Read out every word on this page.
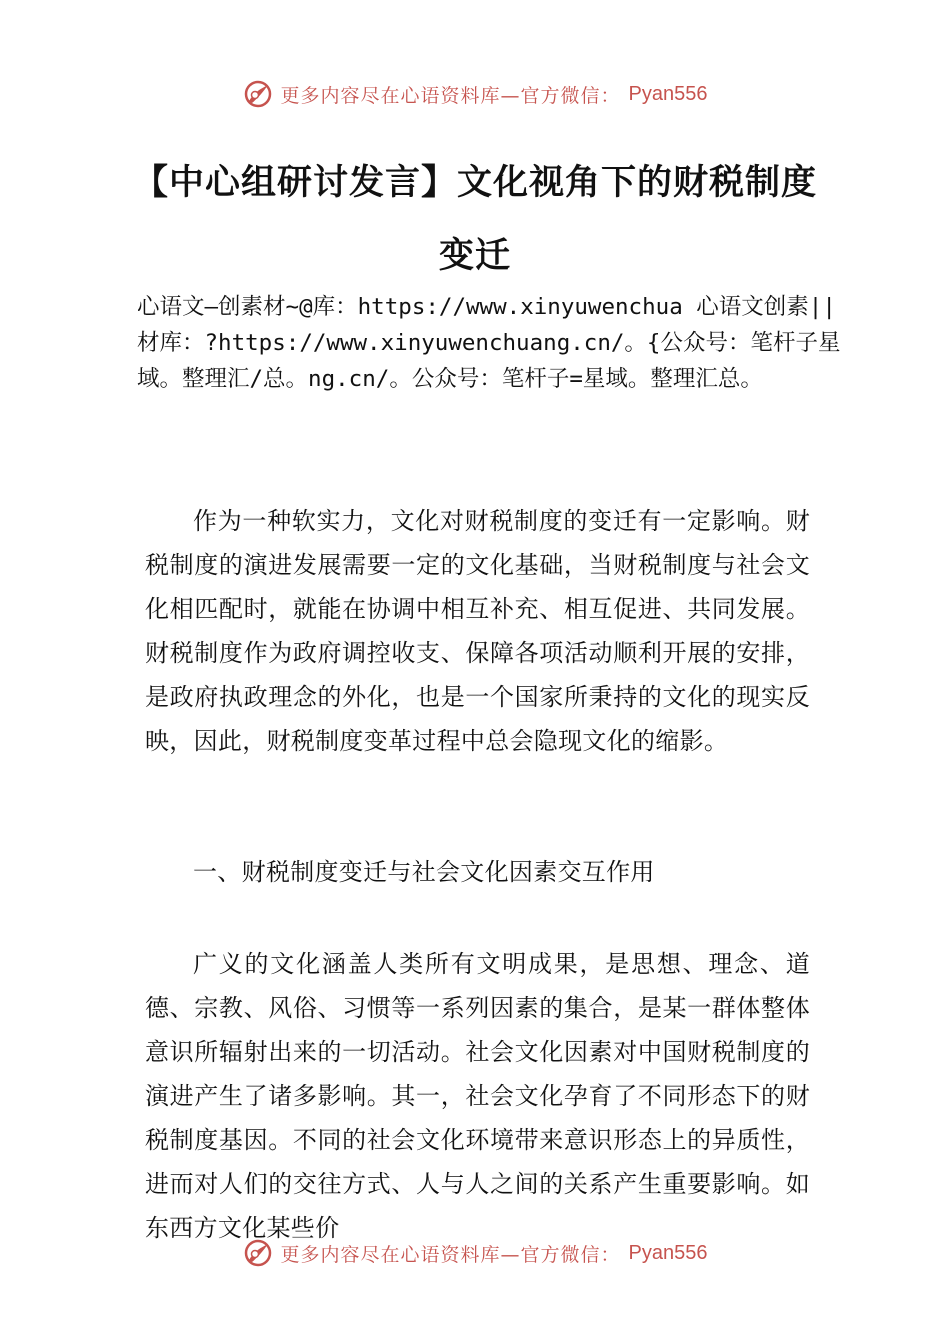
更多内容尽在心语资料库—官方微信： Pyan556
【中心组研讨发言】文化视角下的财税制度
变迁
心语文—创素材~@库：https://www.xinyuwenchua 心语文创素||材库：?https://www.xinyuwenchuang.cn/。{公众号：笔杆子星域。整理汇/总。ng.cn/。公众号：笔杆子=星域。整理汇总。

作为一种软实力，文化对财税制度的变迁有一定影响。财税制度的演进发展需要一定的文化基础，当财税制度与社会文化相匹配时，就能在协调中相互补充、相互促进、共同发展。财税制度作为政府调控收支、保障各项活动顺利开展的安排，是政府执政理念的外化，也是一个国家所秉持的文化的现实反映，因此，财税制度变革过程中总会隐现文化的缩影。

一、财税制度变迁与社会文化因素交互作用

广义的文化涵盖人类所有文明成果，是思想、理念、道德、宗教、风俗、习惯等一系列因素的集合，是某一群体整体意识所辐射出来的一切活动。社会文化因素对中国财税制度的演进产生了诸多影响。其一，社会文化孕育了不同形态下的财税制度基因。不同的社会文化环境带来意识形态上的异质性，进而对人们的交往方式、人与人之间的关系产生重要影响。如东西方文化某些价

更多内容尽在心语资料库—官方微信： Pyan556
